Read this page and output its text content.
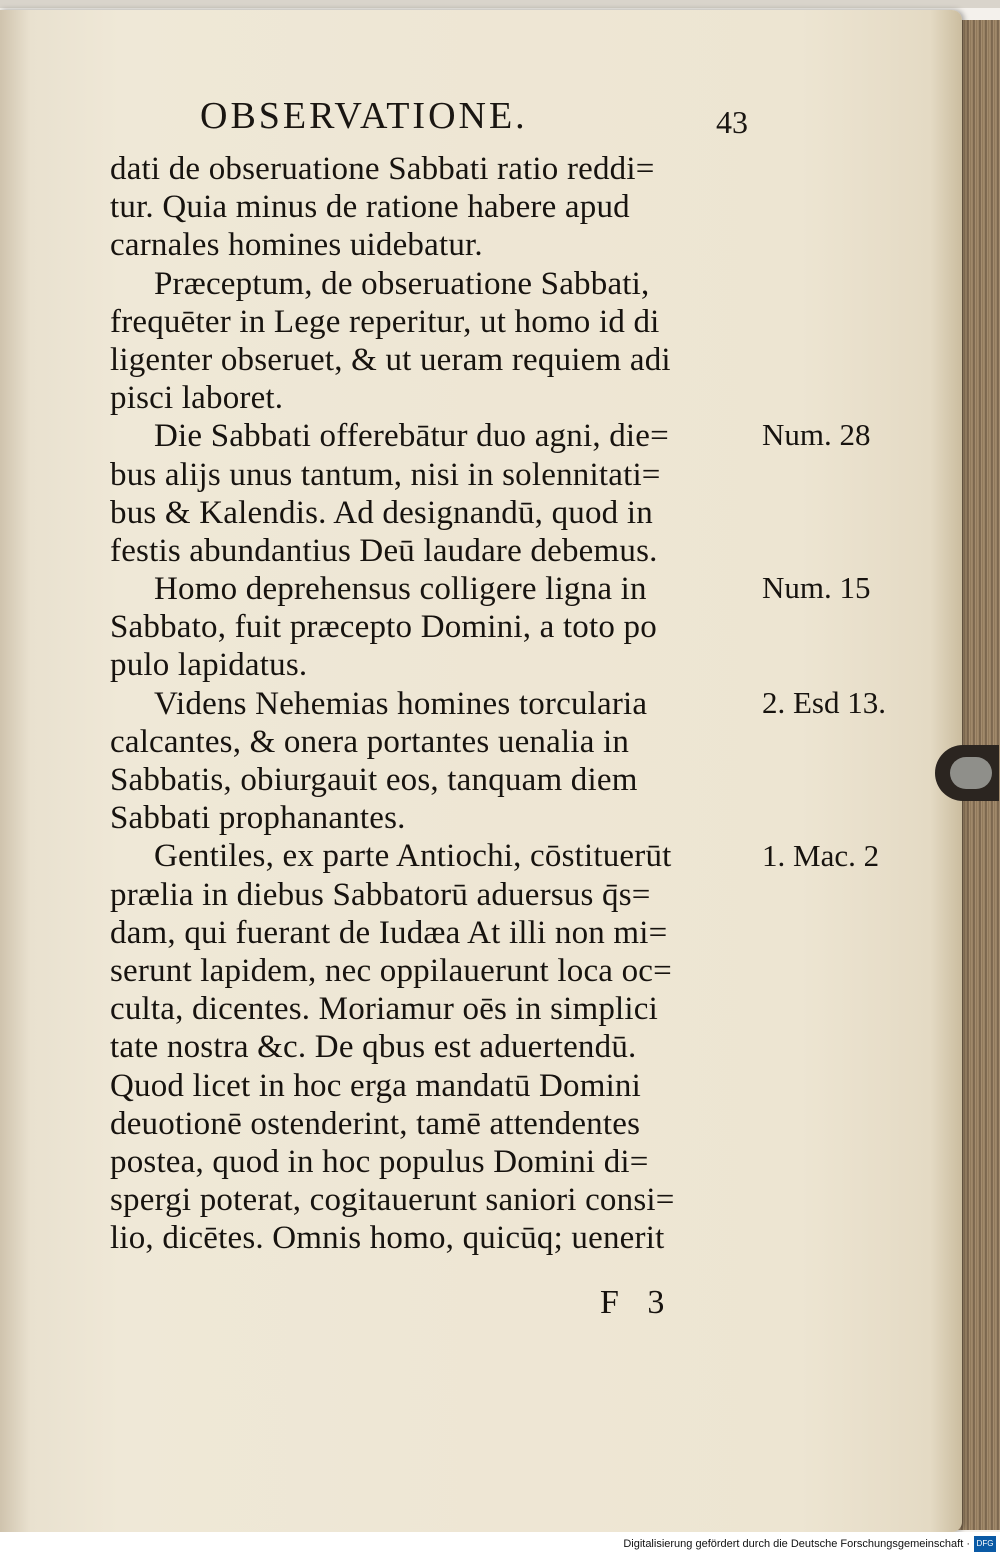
OBSERVATIONE.	43
dati de obseruatione Sabbati ratio reddi=
tur. Quia minus de ratione habere apud
carnales homines uidebatur.
Præceptum, de obseruatione Sabbati,
frequēter in Lege reperitur, ut homo id di
ligenter obseruet, & ut ueram requiem adi
pisci laboret.
Die Sabbati offerebātur duo agni, die=
bus alijs unus tantum, nisi in solennitati=
bus & Kalendis. Ad designandū, quod in
festis abundantius Deū laudare debemus.
Homo deprehensus colligere ligna in
Sabbato, fuit præcepto Domini, a toto po
pulo lapidatus.
Videns Nehemias homines torcularia
calcantes, & onera portantes uenalia in
Sabbatis, obiurgauit eos, tanquam diem
Sabbati prophanantes.
Gentiles, ex parte Antiochi, cōstituerūt
prælia in diebus Sabbatorū aduersus q̄s=
dam, qui fuerant de Iudæa At illi non mi=
serunt lapidem, nec oppilauerunt loca oc=
culta, dicentes. Moriamur oēs in simplici
tate nostra &c. De qbus est aduertendū.
Quod licet in hoc erga mandatū Domini
deuotionē ostenderint, tamē attendentes
postea, quod in hoc populus Domini di=
spergi poterat, cogitauerunt saniori consi=
lio, dicētes. Omnis homo, quicūq; uenerit
Num. 28
Num. 15
2. Esd 13.
1. Mac. 2
F 3
Digitalisierung gefördert durch die Deutsche Forschungsgemeinschaft · DFG
